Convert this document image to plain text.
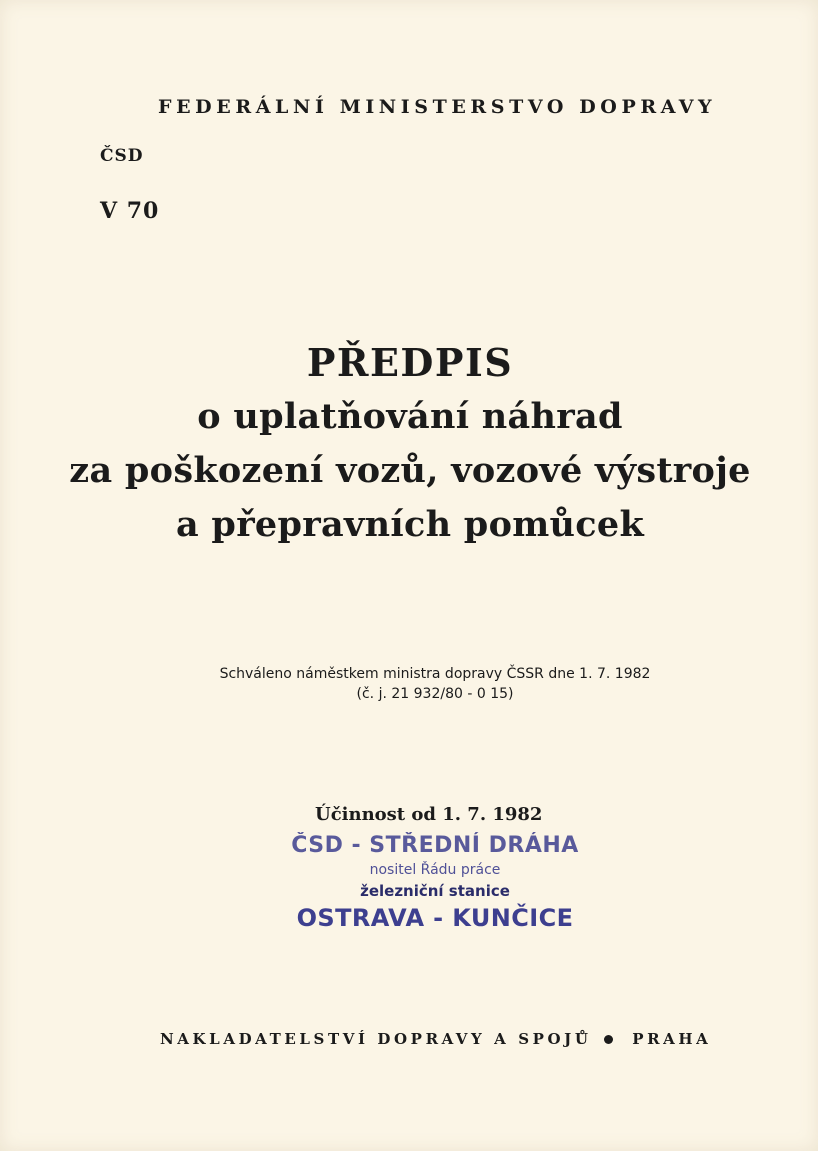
FEDERÁLNÍ MINISTERSTVO DOPRAVY
ČSD
V 70
PŘEDPIS
o uplatňování náhrad
za poškození vozů, vozové výstroje
a přepravních pomůcek
Schváleno náměstkem ministra dopravy ČSSR dne 1. 7. 1982
(č. j. 21 932/80 - 0 15)
Účinnost od 1. 7. 1982
ČSD - STŘEDNÍ DRÁHA
nositel Řádu práce
železniční stanice
OSTRAVA - KUNČICE
NAKLADATELSTVÍ DOPRAVY A SPOJŮ	PRAHA
